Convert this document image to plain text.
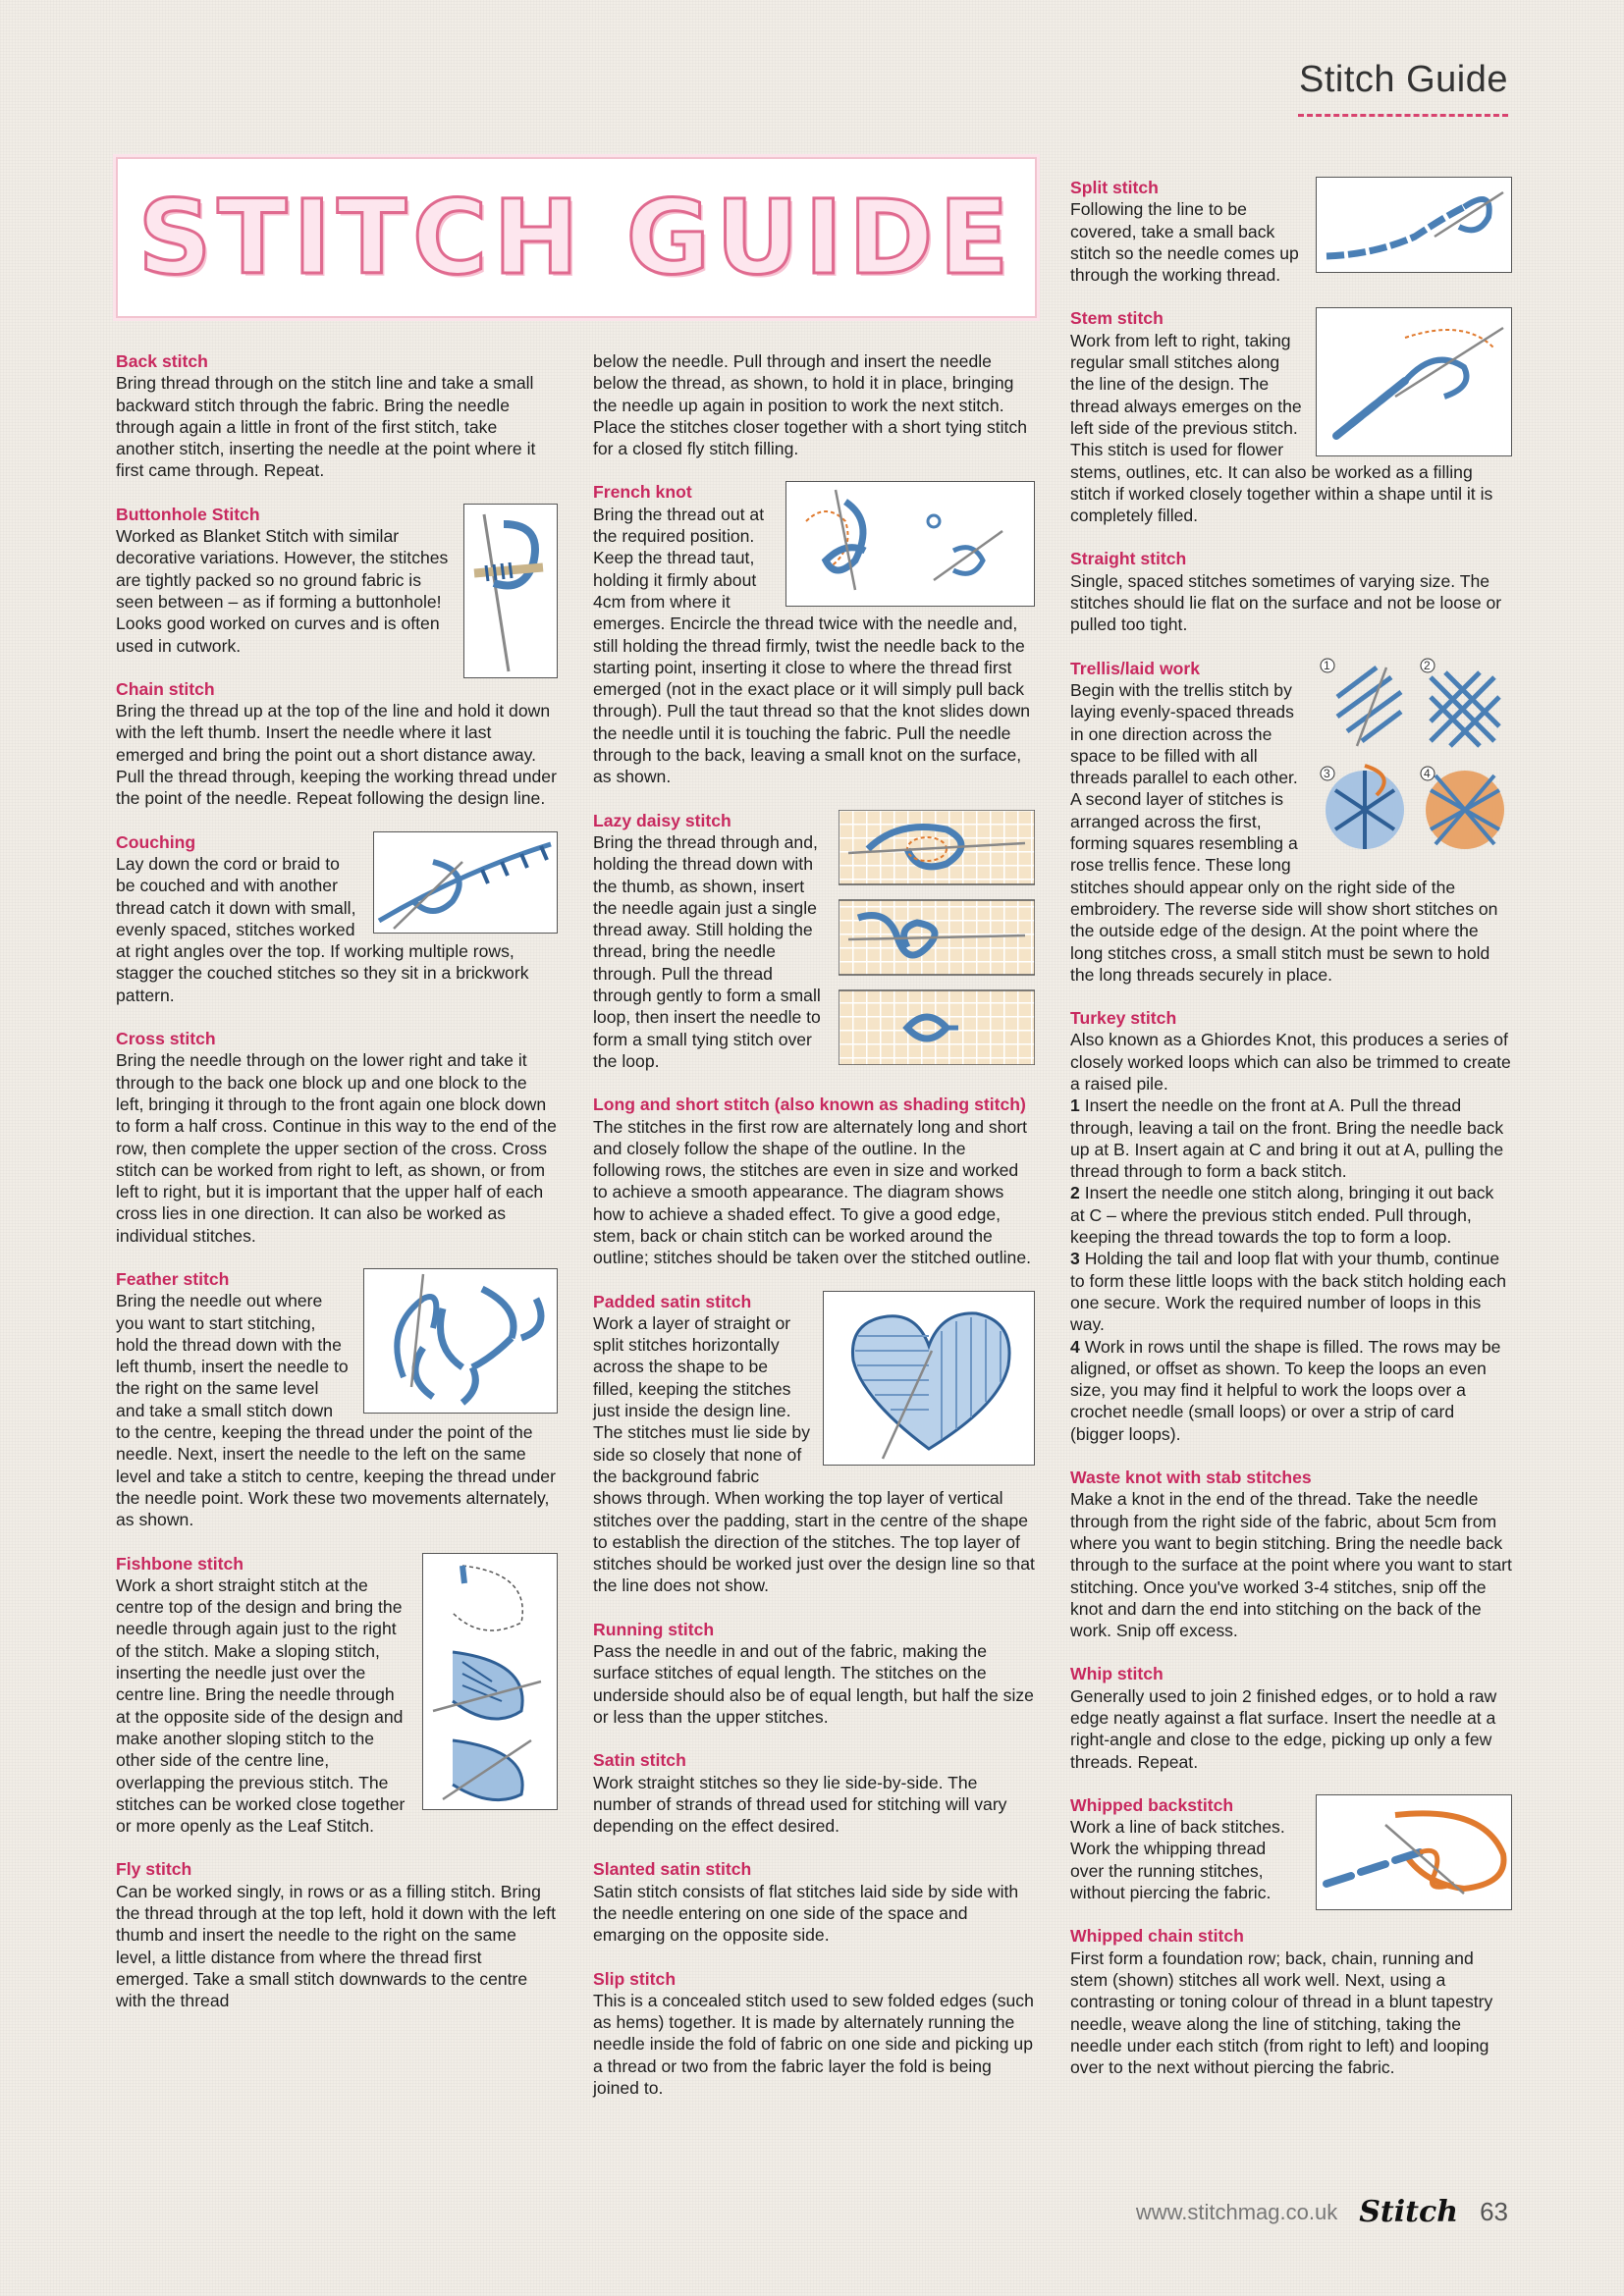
Stitch Guide
STITCH GUIDE
Back stitch

Bring thread through on the stitch line and take a small backward stitch through the fabric. Bring the needle through again a little in front of the first stitch, take another stitch, inserting the needle at the point where it first came through. Repeat.

Buttonhole Stitch

Worked as Blanket Stitch with similar decorative variations. However, the stitches are tightly packed so no ground fabric is seen between – as if forming a buttonhole! Looks good worked on curves and is often used in cutwork.

Chain stitch

Bring the thread up at the top of the line and hold it down with the left thumb. Insert the needle where it last emerged and bring the point out a short distance away. Pull the thread through, keeping the working thread under the point of the needle. Repeat following the design line.

Couching

Lay down the cord or braid to be couched and with another thread catch it down with small, evenly spaced, stitches worked at right angles over the top. If working multiple rows, stagger the couched stitches so they sit in a brickwork pattern.

Cross stitch

Bring the needle through on the lower right and take it through to the back one block up and one block to the left, bringing it through to the front again one block down to form a half cross. Continue in this way to the end of the row, then complete the upper section of the cross. Cross stitch can be worked from right to left, as shown, or from left to right, but it is important that the upper half of each cross lies in one direction. It can also be worked as individual stitches.

Feather stitch

Bring the needle out where you want to start stitching, hold the thread down with the left thumb, insert the needle to the right on the same level and take a small stitch down to the centre, keeping the thread under the point of the needle. Next, insert the needle to the left on the same level and take a stitch to centre, keeping the thread under the needle point. Work these two movements alternately, as shown.

Fishbone stitch

Work a short straight stitch at the centre top of the design and bring the needle through again just to the right of the stitch. Make a sloping stitch, inserting the needle just over the centre line. Bring the needle through at the opposite side of the design and make another sloping stitch to the other side of the centre line, overlapping the previous stitch. The stitches can be worked close together or more openly as the Leaf Stitch.

Fly stitch

Can be worked singly, in rows or as a filling stitch. Bring the thread through at the top left, hold it down with the left thumb and insert the needle to the right on the same level, a little distance from where the thread first emerged. Take a small stitch downwards to the centre with the thread

below the needle. Pull through and insert the needle below the thread, as shown, to hold it in place, bringing the needle up again in position to work the next stitch. Place the stitches closer together with a short tying stitch for a closed fly stitch filling.

French knot

Bring the thread out at the required position. Keep the thread taut, holding it firmly about 4cm from where it emerges. Encircle the thread twice with the needle and, still holding the thread firmly, twist the needle back to the starting point, inserting it close to where the thread first emerged (not in the exact place or it will simply pull back through). Pull the taut thread so that the knot slides down the needle until it is touching the fabric. Pull the needle through to the back, leaving a small knot on the surface, as shown.

Lazy daisy stitch

Bring the thread through and, holding the thread down with the thumb, as shown, insert the needle again just a single thread away. Still holding the thread, bring the needle through. Pull the thread through gently to form a small loop, then insert the needle to form a small tying stitch over the loop.

Long and short stitch (also known as shading stitch)

The stitches in the first row are alternately long and short and closely follow the shape of the outline. In the following rows, the stitches are even in size and worked to achieve a smooth appearance. The diagram shows how to achieve a shaded effect. To give a good edge, stem, back or chain stitch can be worked around the outline; stitches should be taken over the stitched outline.

Padded satin stitch

Work a layer of straight or split stitches horizontally across the shape to be filled, keeping the stitches just inside the design line. The stitches must lie side by side so closely that none of the background fabric shows through. When working the top layer of vertical stitches over the padding, start in the centre of the shape to establish the direction of the stitches. The top layer of stitches should be worked just over the design line so that the line does not show.

Running stitch

Pass the needle in and out of the fabric, making the surface stitches of equal length. The stitches on the underside should also be of equal length, but half the size or less than the upper stitches.

Satin stitch

Work straight stitches so they lie side-by-side. The number of strands of thread used for stitching will vary depending on the effect desired.

Slanted satin stitch

Satin stitch consists of flat stitches laid side by side with the needle entering on one side of the space and emarging on the opposite side.

Slip stitch

This is a concealed stitch used to sew folded edges (such as hems) together. It is made by alternately running the needle inside the fold of fabric on one side and picking up a thread or two from the fabric layer the fold is being joined to.

Split stitch

Following the line to be covered, take a small back stitch so the needle comes up through the working thread.

Stem stitch

Work from left to right, taking regular small stitches along the line of the design. The thread always emerges on the left side of the previous stitch. This stitch is used for flower stems, outlines, etc. It can also be worked as a filling stitch if worked closely together within a shape until it is completely filled.

Straight stitch

Single, spaced stitches sometimes of varying size. The stitches should lie flat on the surface and not be loose or pulled too tight.

1	2
3	4
Trellis/laid work

Begin with the trellis stitch by laying evenly-spaced threads in one direction across the space to be filled with all threads parallel to each other. A second layer of stitches is arranged across the first, forming squares resembling a rose trellis fence. These long stitches should appear only on the right side of the embroidery. The reverse side will show short stitches on the outside edge of the design. At the point where the long stitches cross, a small stitch must be sewn to hold the long threads securely in place.

Turkey stitch

Also known as a Ghiordes Knot, this produces a series of closely worked loops which can also be trimmed to create a raised pile.

1 Insert the needle on the front at A. Pull the thread through, leaving a tail on the front. Bring the needle back up at B. Insert again at C and bring it out at A, pulling the thread through to form a back stitch.

2 Insert the needle one stitch along, bringing it out back at C – where the previous stitch ended. Pull through, keeping the thread towards the top to form a loop.

3 Holding the tail and loop flat with your thumb, continue to form these little loops with the back stitch holding each one secure. Work the required number of loops in this way.

4 Work in rows until the shape is filled. The rows may be aligned, or offset as shown. To keep the loops an even size, you may find it helpful to work the loops over a crochet needle (small loops) or over a strip of card (bigger loops).

Waste knot with stab stitches

Make a knot in the end of the thread. Take the needle through from the right side of the fabric, about 5cm from where you want to begin stitching. Bring the needle back through to the surface at the point where you want to start stitching. Once you've worked 3-4 stitches, snip off the knot and darn the end into stitching on the back of the work. Snip off excess.

Whip stitch

Generally used to join 2 finished edges, or to hold a raw edge neatly against a flat surface. Insert the needle at a right-angle and close to the edge, picking up only a few threads. Repeat.

Whipped backstitch

Work a line of back stitches. Work the whipping thread over the running stitches, without piercing the fabric.

Whipped chain stitch

First form a foundation row; back, chain, running and stem (shown) stitches all work well. Next, using a contrasting or toning colour of thread in a blunt tapestry needle, weave along the line of stitching, taking the needle under each stitch (from right to left) and looping over to the next without piercing the fabric.

www.stitchmag.co.uk Stitch 63
